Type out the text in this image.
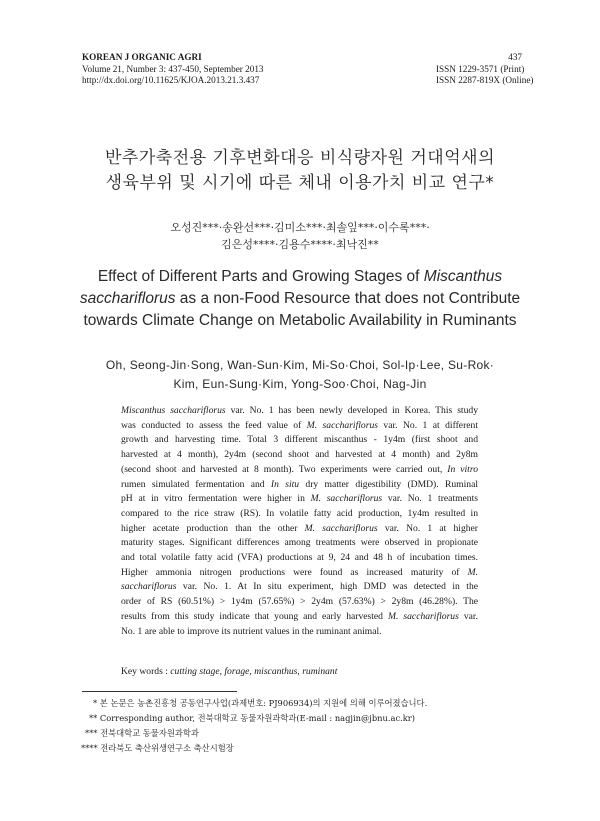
KOREAN J ORGANIC AGRI
Volume 21, Number 3: 437-450, September 2013
http://dx.doi.org/10.11625/KJOA.2013.21.3.437
437
ISSN 1229-3571 (Print)
ISSN 2287-819X (Online)
반추가축전용 기후변화대응 비식량자원 거대억새의
생육부위 및 시기에 따른 체내 이용가치 비교 연구*
오성진***·송완선***·김미소***·최솔잎***·이수록***·
김은성****·김용수****·최낙진**
Effect of Different Parts and Growing Stages of Miscanthus
sacchariflorus as a non-Food Resource that does not Contribute
towards Climate Change on Metabolic Availability in Ruminants
Oh, Seong-Jin·Song, Wan-Sun·Kim, Mi-So·Choi, Sol-Ip·Lee, Su-Rok·
Kim, Eun-Sung·Kim, Yong-Soo·Choi, Nag-Jin
Miscanthus sacchariflorus var. No. 1 has been newly developed in Korea. This study
was conducted to assess the feed value of M. sacchariflorus var. No. 1 at different
growth and harvesting time. Total 3 different miscanthus - 1y4m (first shoot and
harvested at 4 month), 2y4m (second shoot and harvested at 4 month) and 2y8m
(second shoot and harvested at 8 month). Two experiments were carried out, In vitro
rumen simulated fermentation and In situ dry matter digestibility (DMD). Ruminal
pH at in vitro fermentation were higher in M. sacchariflorus var. No. 1 treatments
compared to the rice straw (RS). In volatile fatty acid production, 1y4m resulted in
higher acetate production than the other M. sacchariflorus var. No. 1 at higher
maturity stages. Significant differences among treatments were observed in propionate
and total volatile fatty acid (VFA) productions at 9, 24 and 48 h of incubation times.
Higher ammonia nitrogen productions were found as increased maturity of M.
sacchariflorus var. No. 1. At In situ experiment, high DMD was detected in the
order of RS (60.51%) > 1y4m (57.65%) > 2y4m (57.63%) > 2y8m (46.28%). The
results from this study indicate that young and early harvested M. sacchariflorus var.
No. 1 are able to improve its nutrient values in the ruminant animal.
Key words : cutting stage, forage, miscanthus, ruminant
* 본 논문은 농촌진흥청 공동연구사업(과제번호: PJ906934)의 지원에 의해 이루어졌습니다.
** Corresponding author, 전북대학교 동물자원과학과(E-mail : nagjin@jbnu.ac.kr)
*** 전북대학교 동물자원과학과
**** 전라북도 축산위생연구소 축산시험장
